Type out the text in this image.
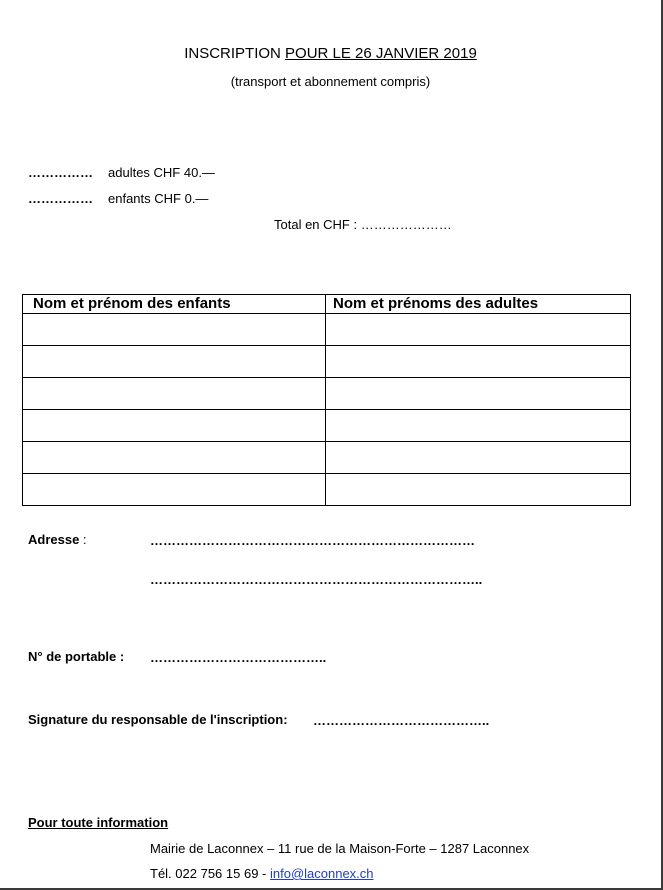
INSCRIPTION POUR LE 26 JANVIER 2019
(transport et abonnement compris)
…………… adultes CHF 40.—
…………… enfants CHF 0.—
Total en CHF : …………………
Nom et prénom des enfants	Nom et prénoms des adultes

Adresse :	…………………………………………………………………
…………………………………………………………………..
N° de portable : …………………………………..
Signature du responsable de l'inscription: …………………………………..
Pour toute information
Mairie de Laconnex – 11 rue de la Maison-Forte – 1287 Laconnex
Tél. 022 756 15 69 - info@laconnex.ch
